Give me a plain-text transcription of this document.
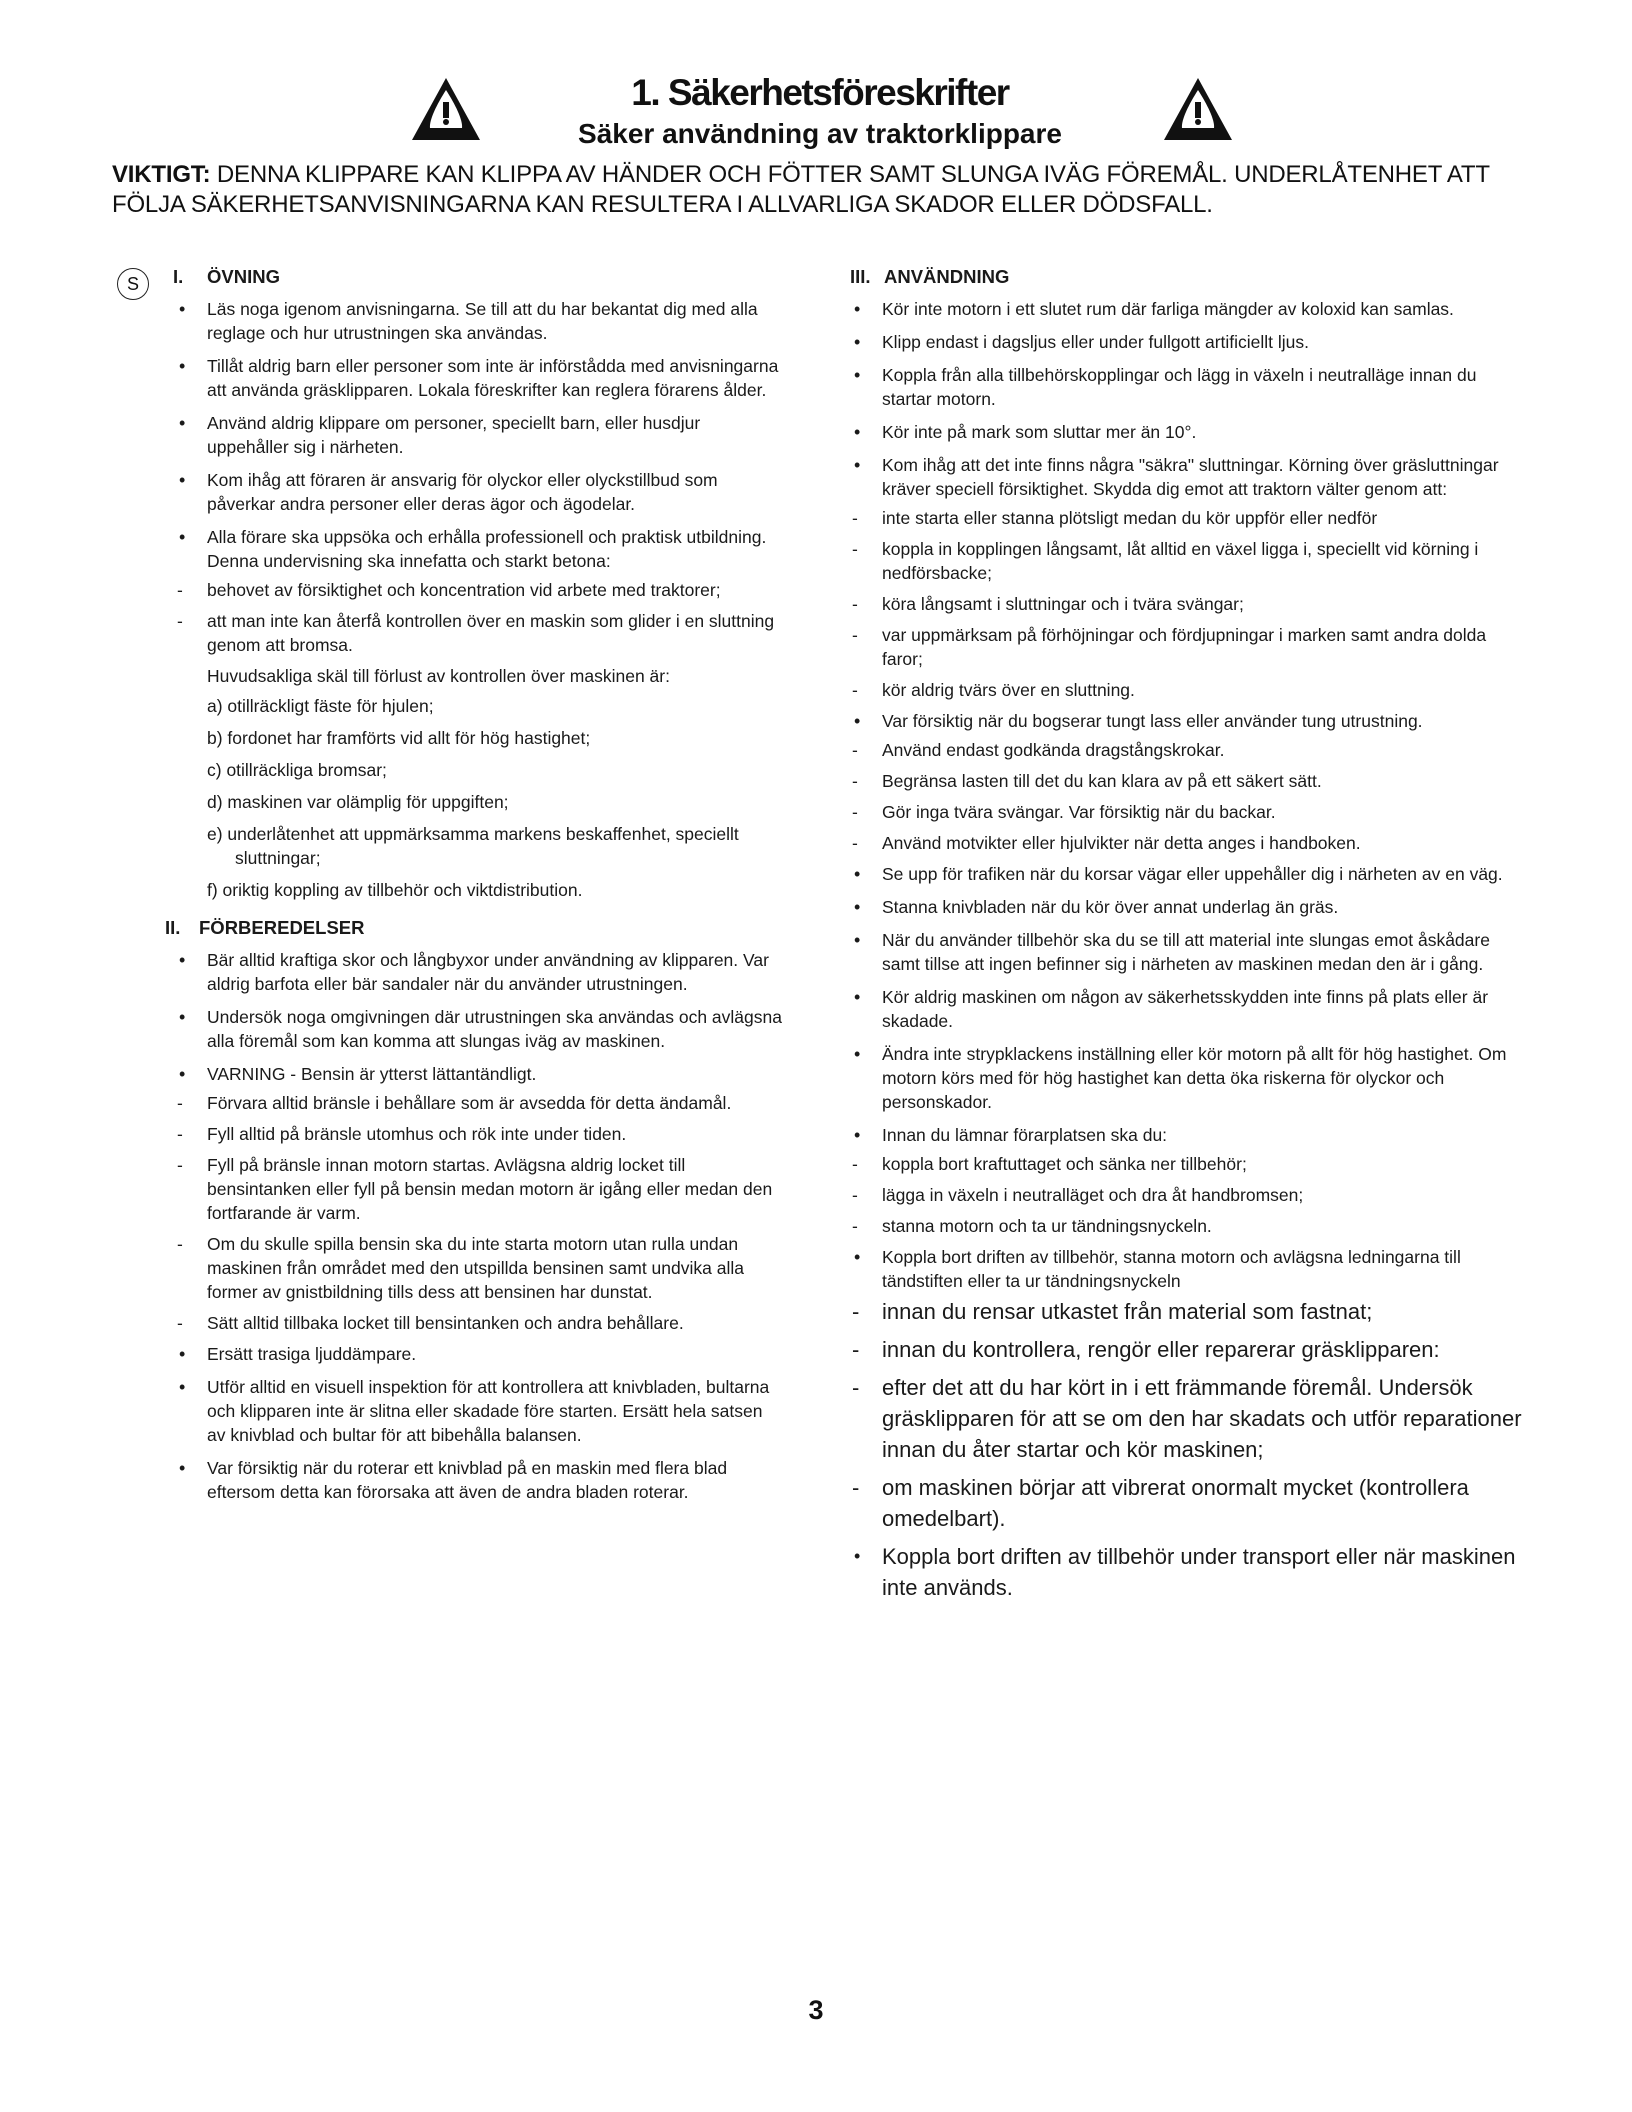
1. Säkerhetsföreskrifter
Säker användning av traktorklippare
VIKTIGT: DENNA KLIPPARE KAN KLIPPA AV HÄNDER OCH FÖTTER SAMT SLUNGA IVÄG FÖREMÅL. UNDERLÅTENHET ATT FÖLJA SÄKERHETSANVISNINGARNA KAN RESULTERA I ALLVARLIGA SKADOR ELLER DÖDSFALL.
S	I. ÖVNING
• Läs noga igenom anvisningarna. Se till att du har bekantat dig med alla reglage och hur utrustningen ska användas.
• Tillåt aldrig barn eller personer som inte är införstådda med anvisningarna att använda gräsklipparen. Lokala föreskrifter kan reglera förarens ålder.
• Använd aldrig klippare om personer, speciellt barn, eller husdjur uppehåller sig i närheten.
• Kom ihåg att föraren är ansvarig för olyckor eller olyckstillbud som påverkar andra personer eller deras ägor och ägodelar.
• Alla förare ska uppsöka och erhålla professionell och praktisk utbildning. Denna undervisning ska innefatta och starkt betona:
- behovet av försiktighet och koncentration vid arbete med traktorer;
- att man inte kan återfå kontrollen över en maskin som glider i en sluttning genom att bromsa.
Huvudsakliga skäl till förlust av kontrollen över maskinen är:
a) otillräckligt fäste för hjulen;
b) fordonet har framförts vid allt för hög hastighet;
c) otillräckliga bromsar;
d) maskinen var olämplig för uppgiften;
e) underlåtenhet att uppmärksamma markens beskaffenhet, speciellt sluttningar;
f) oriktig koppling av tillbehör och viktdistribution.
II. FÖRBEREDELSER
• Bär alltid kraftiga skor och långbyxor under användning av klipparen. Var aldrig barfota eller bär sandaler när du använder utrustningen.
• Undersök noga omgivningen där utrustningen ska användas och avlägsna alla föremål som kan komma att slungas iväg av maskinen.
• VARNING - Bensin är ytterst lättantändligt.
- Förvara alltid bränsle i behållare som är avsedda för detta ändamål.
- Fyll alltid på bränsle utomhus och rök inte under tiden.
- Fyll på bränsle innan motorn startas. Avlägsna aldrig locket till bensintanken eller fyll på bensin medan motorn är igång eller medan den fortfarande är varm.
- Om du skulle spilla bensin ska du inte starta motorn utan rulla undan maskinen från området med den utspillda bensinen samt undvika alla former av gnistbildning tills dess att bensinen har dunstat.
- Sätt alltid tillbaka locket till bensintanken och andra behållare.
• Ersätt trasiga ljuddämpare.
• Utför alltid en visuell inspektion för att kontrollera att knivbladen, bultarna och klipparen inte är slitna eller skadade före starten. Ersätt hela satsen av knivblad och bultar för att bibehålla balansen.
• Var försiktig när du roterar ett knivblad på en maskin med flera blad eftersom detta kan förorsaka att även de andra bladen roterar.
III. ANVÄNDNING
• Kör inte motorn i ett slutet rum där farliga mängder av koloxid kan samlas.
• Klipp endast i dagsljus eller under fullgott artificiellt ljus.
• Koppla från alla tillbehörskopplingar och lägg in växeln i neutralläge innan du startar motorn.
• Kör inte på mark som sluttar mer än 10°.
• Kom ihåg att det inte finns några "säkra" sluttningar. Körning över gräsluttningar kräver speciell försiktighet. Skydda dig emot att traktorn välter genom att:
- inte starta eller stanna plötsligt medan du kör uppför eller nedför
- koppla in kopplingen långsamt, låt alltid en växel ligga i, speciellt vid körning i nedförsbacke;
- köra långsamt i sluttningar och i tvära svängar;
- var uppmärksam på förhöjningar och fördjupningar i marken samt andra dolda faror;
- kör aldrig tvärs över en sluttning.
• Var försiktig när du bogserar tungt lass eller använder tung utrustning.
- Använd endast godkända dragstångskrokar.
- Begränsa lasten till det du kan klara av på ett säkert sätt.
- Gör inga tvära svängar. Var försiktig när du backar.
- Använd motvikter eller hjulvikter när detta anges i handboken.
• Se upp för trafiken när du korsar vägar eller uppehåller dig i närheten av en väg.
• Stanna knivbladen när du kör över annat underlag än gräs.
• När du använder tillbehör ska du se till att material inte slungas emot åskådare samt tillse att ingen befinner sig i närheten av maskinen medan den är i gång.
• Kör aldrig maskinen om någon av säkerhetsskydden inte finns på plats eller är skadade.
• Ändra inte strypklackens inställning eller kör motorn på allt för hög hastighet. Om motorn körs med för hög hastighet kan detta öka riskerna för olyckor och personskador.
• Innan du lämnar förarplatsen ska du:
- koppla bort kraftuttaget och sänka ner tillbehör;
- lägga in växeln i neutralläget och dra åt handbromsen;
- stanna motorn och ta ur tändningsnyckeln.
• Koppla bort driften av tillbehör, stanna motorn och avlägsna ledningarna till tändstiften eller ta ur tändningsnyckeln
- innan du rensar utkastet från material som fastnat;
- innan du kontrollera, rengör eller reparerar gräsklipparen:
- efter det att du har kört in i ett främmande föremål. Undersök gräsklipparen för att se om den har skadats och utför reparationer innan du åter startar och kör maskinen;
- om maskinen börjar att vibrerat onormalt mycket (kontrollera omedelbart).
• Koppla bort driften av tillbehör under transport eller när maskinen inte används.
3
